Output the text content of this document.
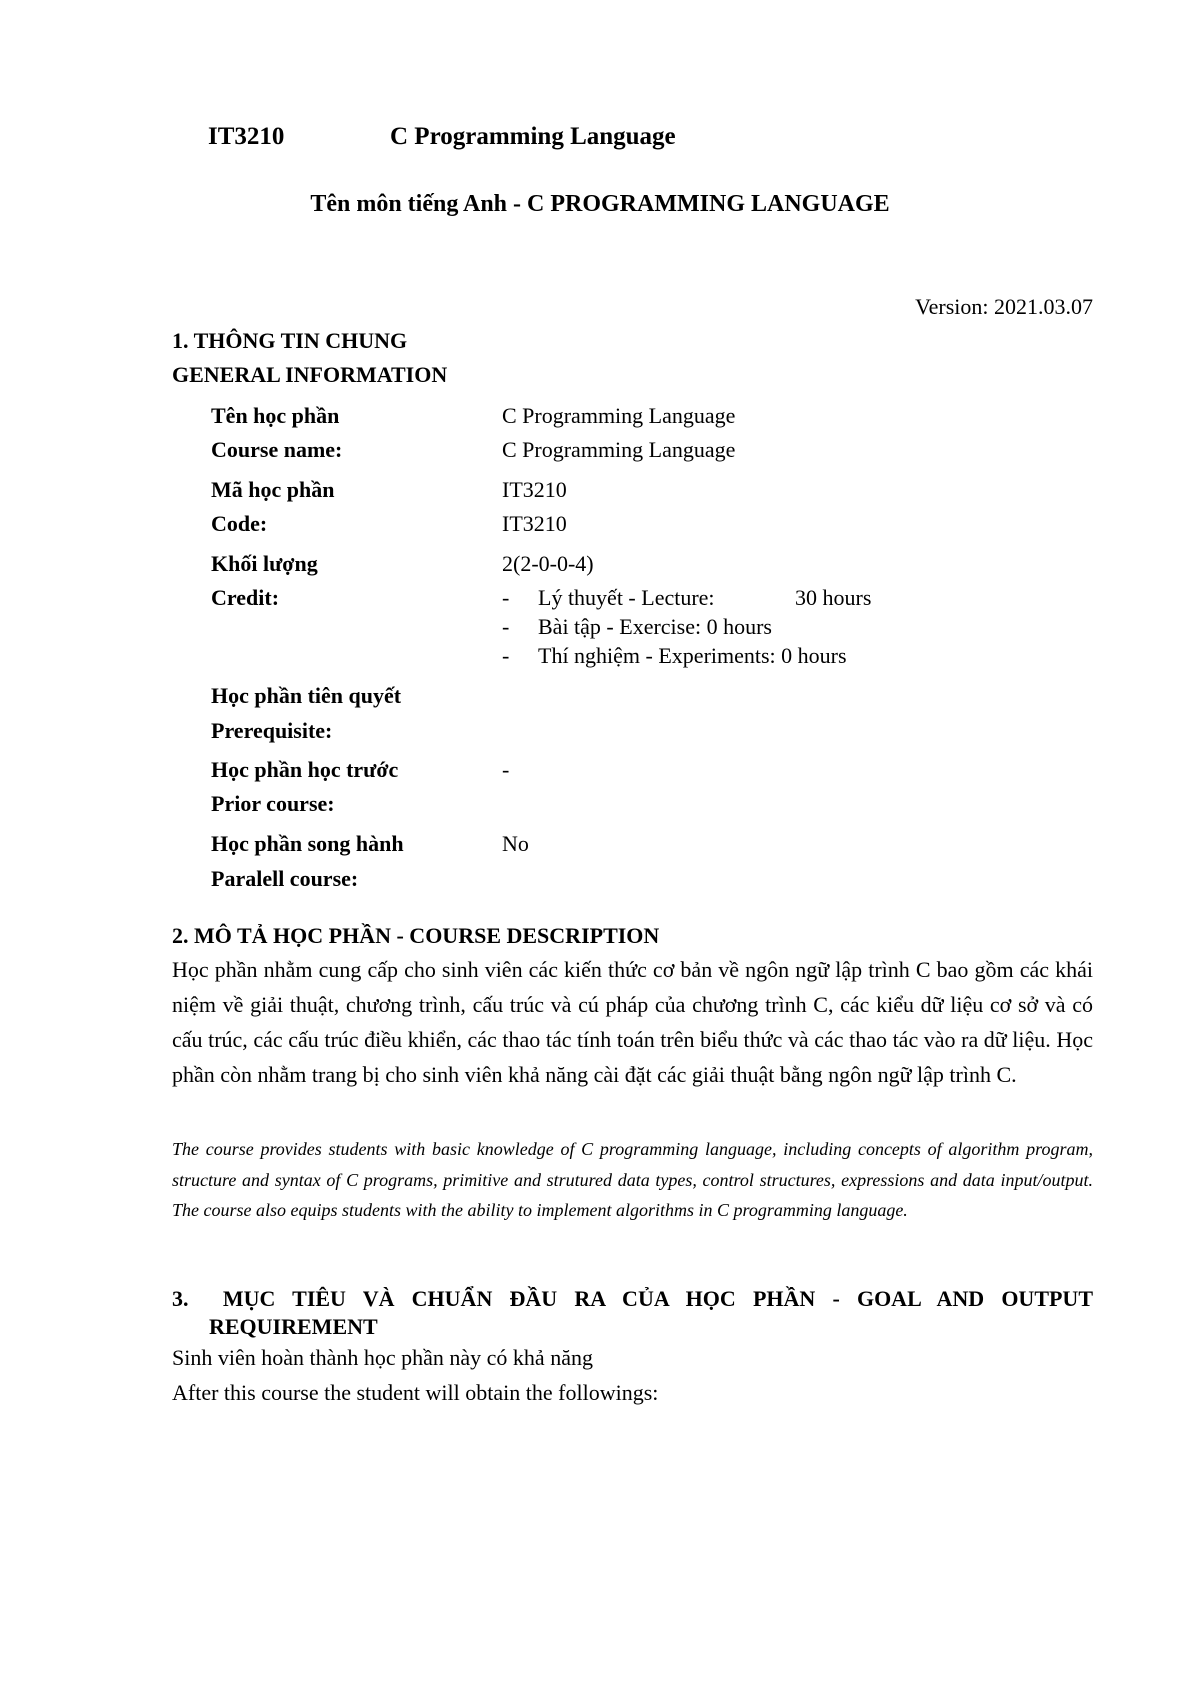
IT3210	C Programming Language
Tên môn tiếng Anh - C PROGRAMMING LANGUAGE
Version: 2021.03.07
1. THÔNG TIN CHUNG
GENERAL INFORMATION
Tên học phần	C Programming Language
Course name:	C Programming Language
Mã học phần	IT3210
Code:	IT3210
Khối lượng	2(2-0-0-4)
Credit:	- Lý thuyết - Lecture:	30 hours
- Bài tập - Exercise: 0 hours
- Thí nghiệm - Experiments: 0 hours
Học phần tiên quyết
Prerequisite:
Học phần học trước	-
Prior course:
Học phần song hành	No
Paralell course:
2. MÔ TẢ HỌC PHẦN - COURSE DESCRIPTION
Học phần nhằm cung cấp cho sinh viên các kiến thức cơ bản về ngôn ngữ lập trình C bao gồm các khái niệm về giải thuật, chương trình, cấu trúc và cú pháp của chương trình C, các kiểu dữ liệu cơ sở và có cấu trúc, các cấu trúc điều khiển, các thao tác tính toán trên biểu thức và các thao tác vào ra dữ liệu. Học phần còn nhằm trang bị cho sinh viên khả năng cài đặt các giải thuật bằng ngôn ngữ lập trình C.
The course provides students with basic knowledge of C programming language, including concepts of algorithm program, structure and syntax of C programs, primitive and strutured data types, control structures, expressions and data input/output. The course also equips students with the ability to implement algorithms in C programming language.
3.  MỤC TIÊU VÀ CHUẨN ĐẦU RA CỦA HỌC PHẦN - GOAL AND OUTPUT REQUIREMENT
Sinh viên hoàn thành học phần này có khả năng
After this course the student will obtain the followings:
